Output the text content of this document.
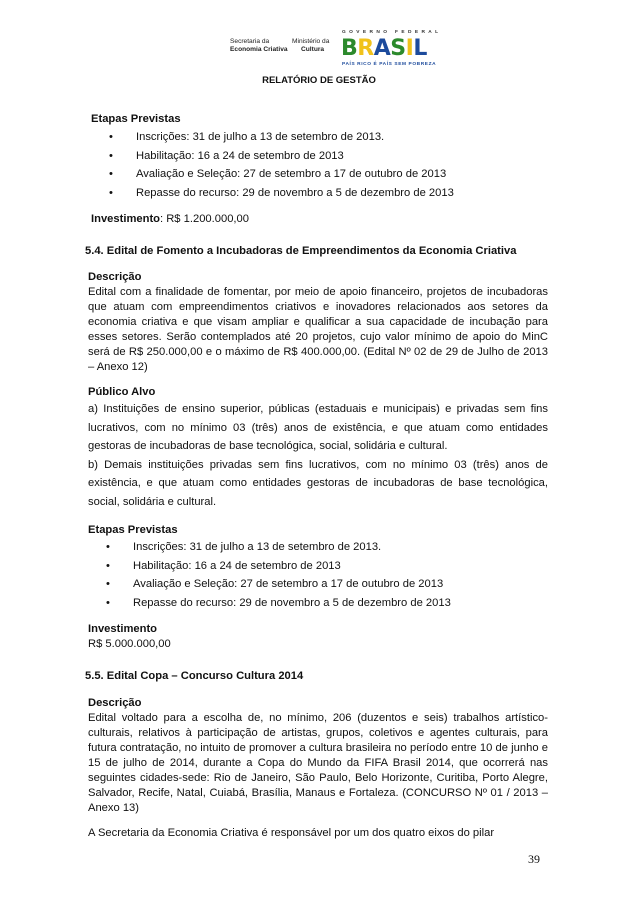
Secretaria da
Economia Criativa
Ministério da
Cultura
GOVERNO FEDERAL
BRASIL
PAÍS RICO É PAÍS SEM POBREZA
RELATÓRIO DE GESTÃO
Etapas Previstas
• Inscrições: 31 de julho a 13 de setembro de 2013.
• Habilitação: 16 a 24 de setembro de 2013
• Avaliação e Seleção: 27 de setembro a 17 de outubro de 2013
• Repasse do recurso: 29 de novembro a 5 de dezembro de 2013
Investimento: R$ 1.200.000,00
5.4. Edital de Fomento a Incubadoras de Empreendimentos da Economia Criativa
Descrição

Edital com a finalidade de fomentar, por meio de apoio financeiro, projetos de incubadoras que atuam com empreendimentos criativos e inovadores relacionados aos setores da economia criativa e que visam ampliar e qualificar a sua capacidade de incubação para esses setores. Serão contemplados até 20 projetos, cujo valor mínimo de apoio do MinC será de R$ 250.000,00 e o máximo de R$ 400.000,00. (Edital Nº 02 de 29 de Julho de 2013 – Anexo 12)

Público Alvo

a) Instituições de ensino superior, públicas (estaduais e municipais) e privadas sem fins lucrativos, com no mínimo 03 (três) anos de existência, e que atuam como entidades gestoras de incubadoras de base tecnológica, social, solidária e cultural.

b) Demais instituições privadas sem fins lucrativos, com no mínimo 03 (três) anos de existência, e que atuam como entidades gestoras de incubadoras de base tecnológica, social, solidária e cultural.

Etapas Previstas
• Inscrições: 31 de julho a 13 de setembro de 2013.
• Habilitação: 16 a 24 de setembro de 2013
• Avaliação e Seleção: 27 de setembro a 17 de outubro de 2013
• Repasse do recurso: 29 de novembro a 5 de dezembro de 2013
Investimento
R$ 5.000.000,00
5.5. Edital Copa – Concurso Cultura 2014
Descrição

Edital voltado para a escolha de, no mínimo, 206 (duzentos e seis) trabalhos artístico-culturais, relativos à participação de artistas, grupos, coletivos e agentes culturais, para futura contratação, no intuito de promover a cultura brasileira no período entre 10 de junho e 15 de julho de 2014, durante a Copa do Mundo da FIFA Brasil 2014, que ocorrerá nas seguintes cidades-sede: Rio de Janeiro, São Paulo, Belo Horizonte, Curitiba, Porto Alegre, Salvador, Recife, Natal, Cuiabá, Brasília, Manaus e Fortaleza. (CONCURSO Nº 01 / 2013 – Anexo 13)

A Secretaria da Economia Criativa é responsável por um dos quatro eixos do pilar

39
